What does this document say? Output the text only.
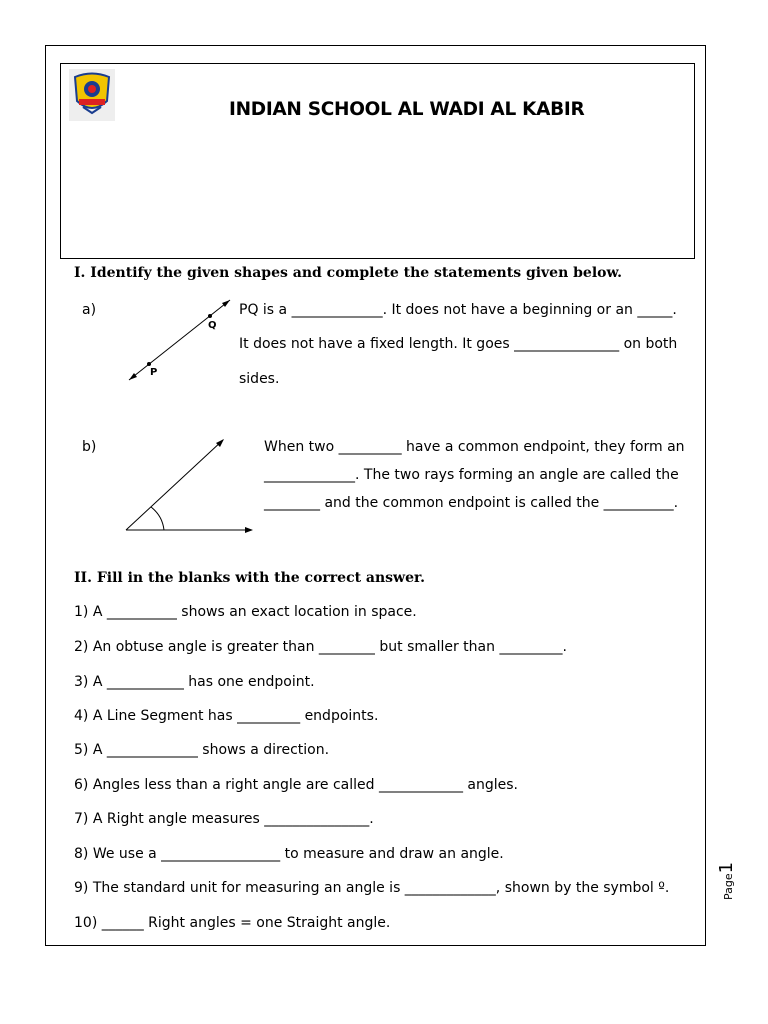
INDIAN SCHOOL AL WADI AL KABIR
I. Identify the given shapes and complete the statements given below.
a)
Q
P
PQ is a _____________. It does not have a beginning or an _____.
It does not have a fixed length. It goes _______________ on both
sides.
b)	When two _________ have a common endpoint, they form an
_____________. The two rays forming an angle are called the
________ and the common endpoint is called the __________.
II. Fill in the blanks with the correct answer.
1) A __________ shows an exact location in space.
2) An obtuse angle is greater than ________ but smaller than _________.
3) A ___________ has one endpoint.
4) A Line Segment has _________ endpoints.
5) A _____________ shows a direction.
6) Angles less than a right angle are called ____________ angles.
7) A Right angle measures _______________.
8) We use a _________________ to measure and draw an angle.
9) The standard unit for measuring an angle is _____________, shown by the symbol º.
10) ______ Right angles = one Straight angle.
Page1
